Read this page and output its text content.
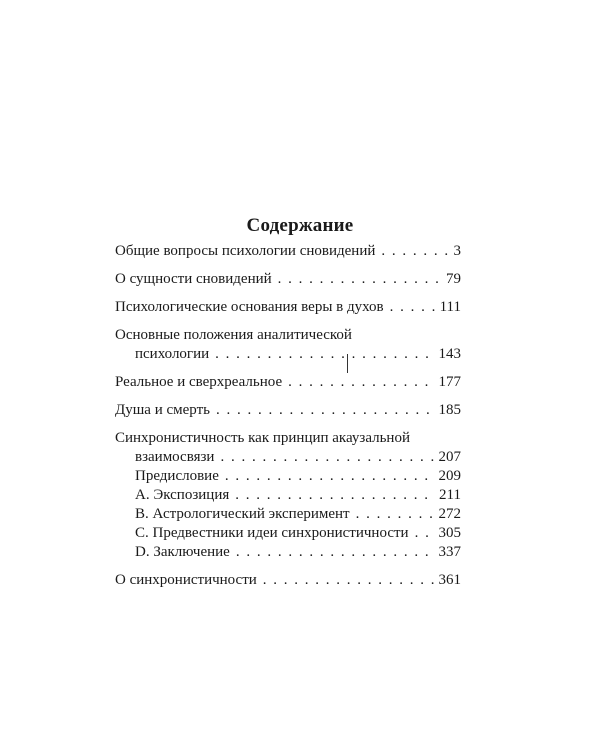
Содержание
Общие вопросы психологии сновидений . . .	3
О сущности сновидений . . .	79
Психологические основания веры в духов . . .	111
Основные положения аналитической
психологии . . .	143
Реальное и сверхреальное . . .	177
Душа и смерть . . .	185
Синхронистичность как принцип акаузальной
взаимосвязи . . .	207
Предисловие . . .	209
A. Экспозиция . . .	211
B. Астрологический эксперимент . . .	272
C. Предвестники идеи синхронистичности . . . 305
D. Заключение . . .	337
О синхронистичности . . .	361
